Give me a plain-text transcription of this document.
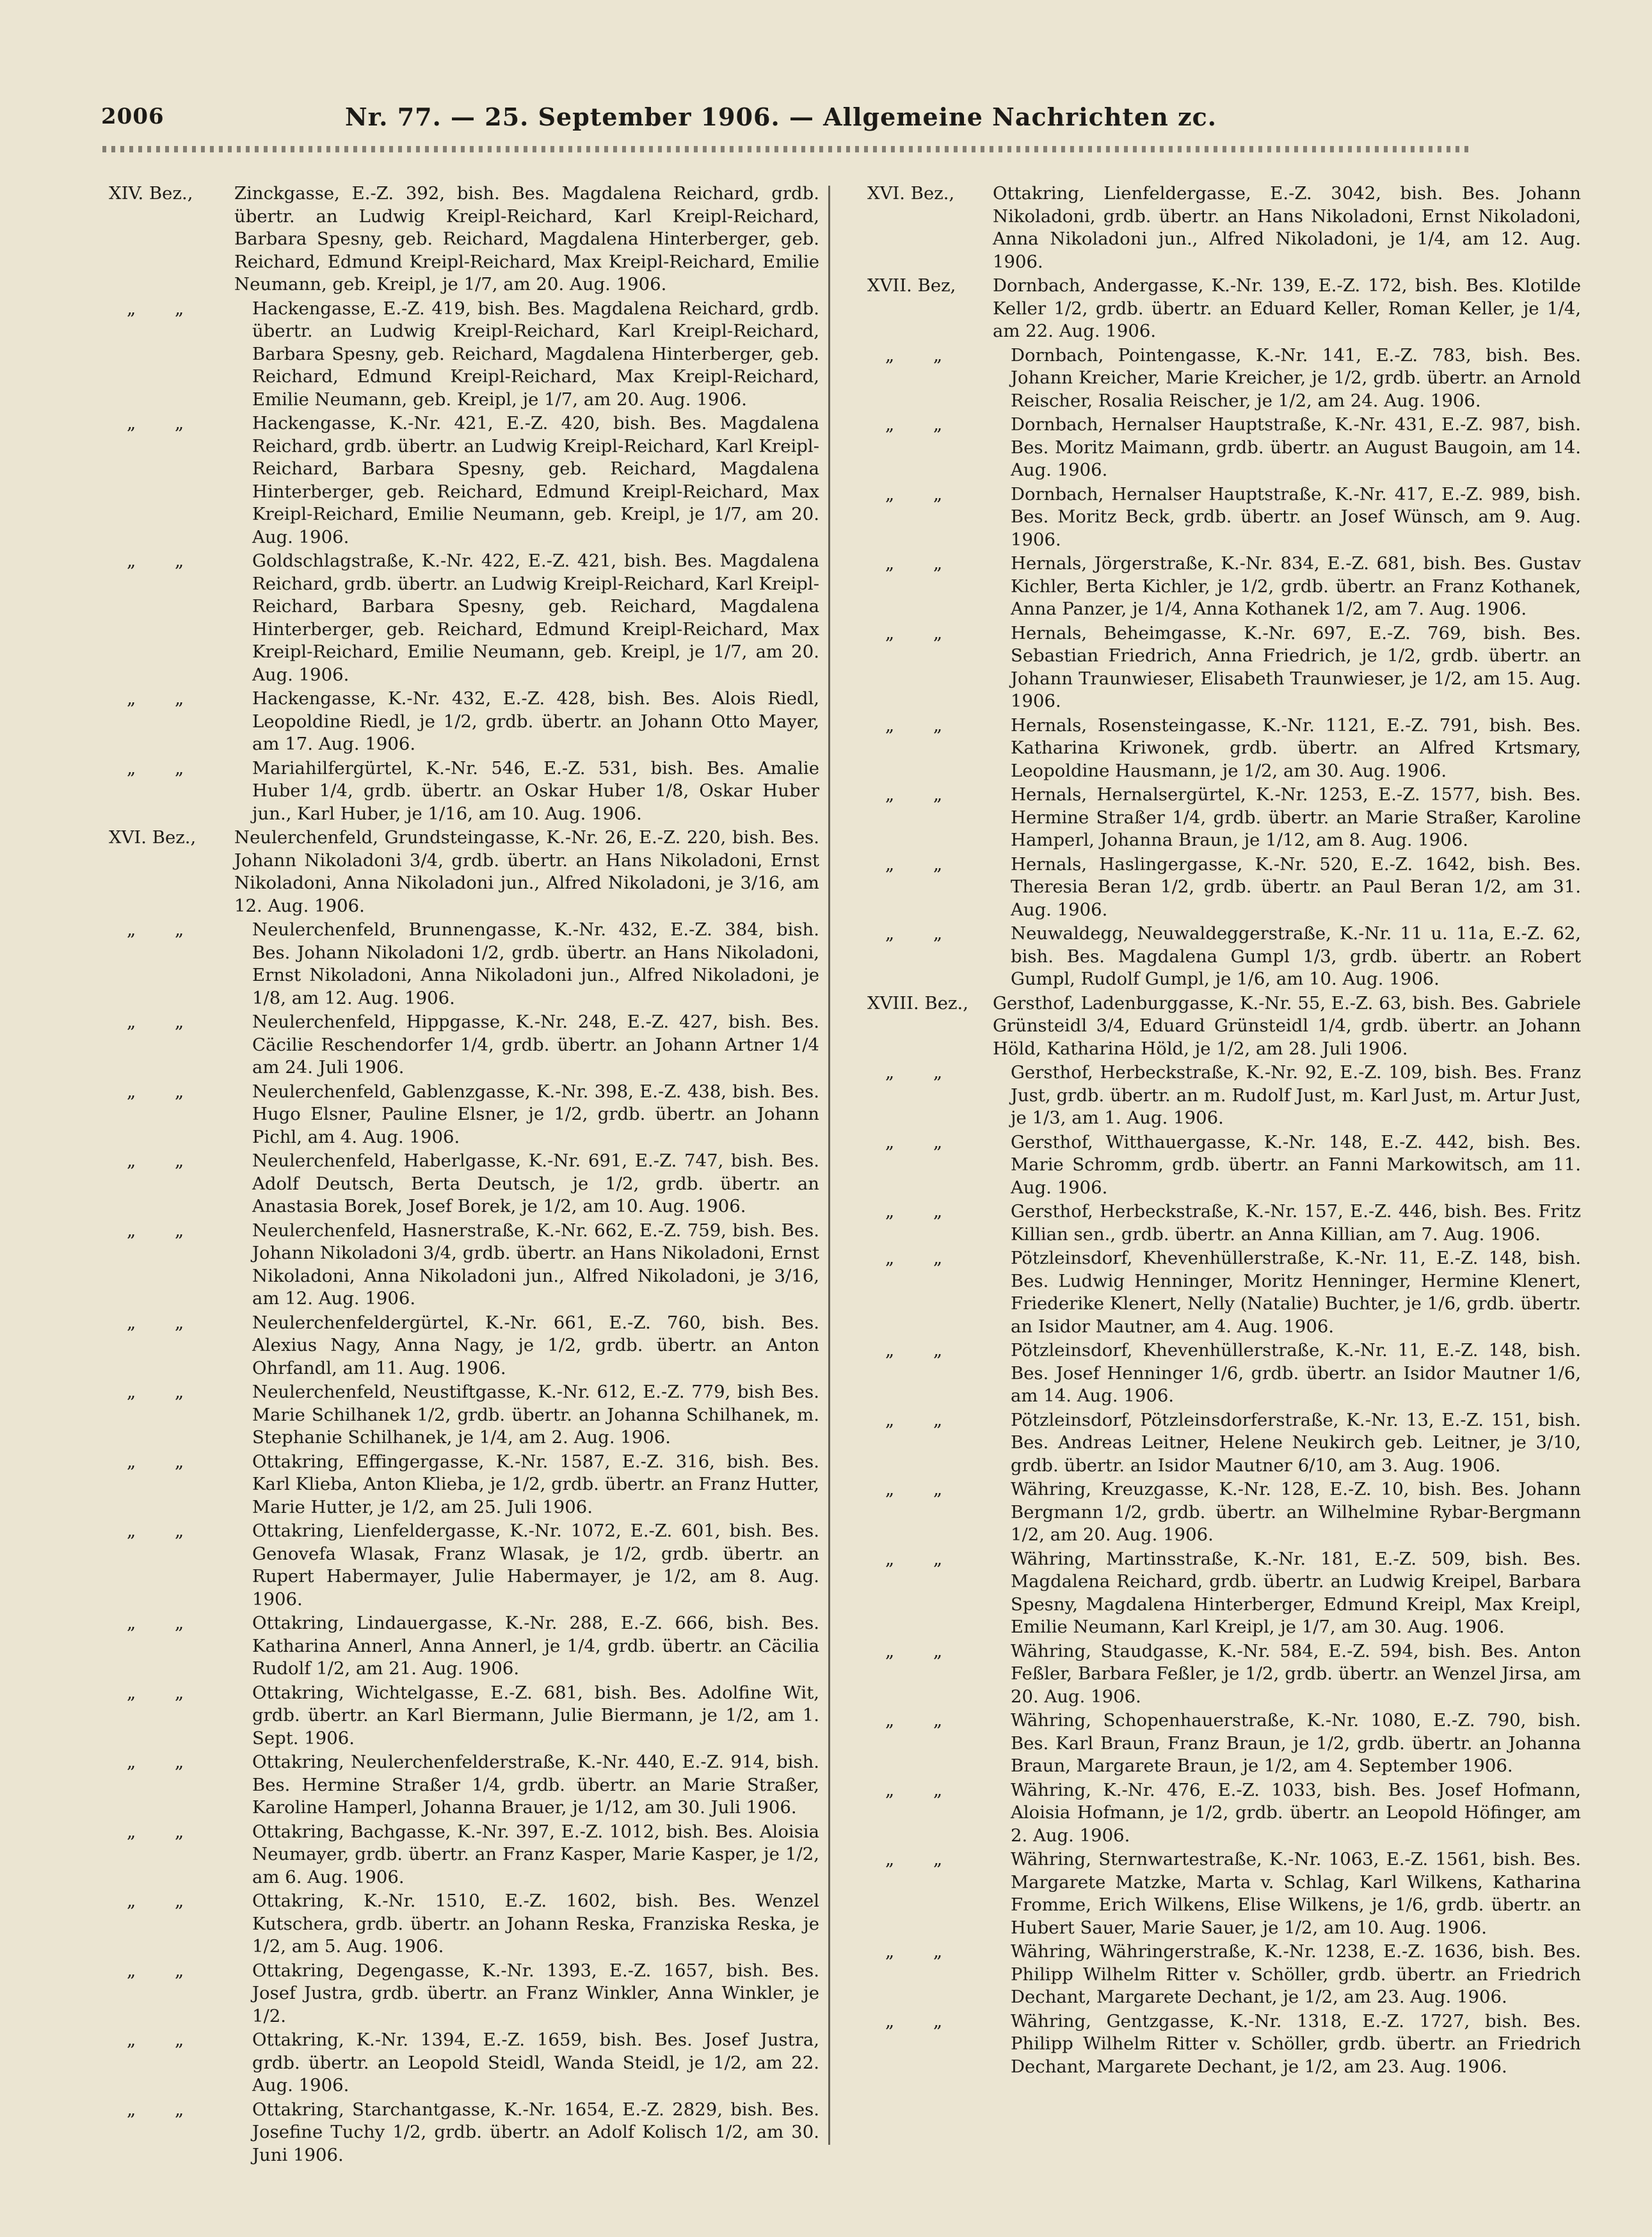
2006	Nr. 77. — 25. September 1906. — Allgemeine Nachrichten zc.
XIV. Bez.,	Zinckgasse, E.-Z. 392, bish. Bes. Magdalena Reichard, grdb. übertr. an Ludwig Kreipl-Reichard, Karl Kreipl-Reichard, Barbara Spesny, geb. Reichard, Magdalena Hinterberger, geb. Reichard, Edmund Kreipl-Reichard, Max Kreipl-Reichard, Emilie Neumann, geb. Kreipl, je 1/7, am 20. Aug. 1906.
„ „	Hackengasse, E.-Z. 419, bish. Bes. Magdalena Reichard, grdb. übertr. an Ludwig Kreipl-Reichard, Karl Kreipl-Reichard, Barbara Spesny, geb. Reichard, Magdalena Hinterberger, geb. Reichard, Edmund Kreipl-Reichard, Max Kreipl-Reichard, Emilie Neumann, geb. Kreipl, je 1/7, am 20. Aug. 1906.
„ „	Hackengasse, K.-Nr. 421, E.-Z. 420, bish. Bes. Magdalena Reichard, grdb. übertr. an Ludwig Kreipl-Reichard, Karl Kreipl-Reichard, Barbara Spesny, geb. Reichard, Magdalena Hinterberger, geb. Reichard, Edmund Kreipl-Reichard, Max Kreipl-Reichard, Emilie Neumann, geb. Kreipl, je 1/7, am 20. Aug. 1906.
„ „	Goldschlagstraße, K.-Nr. 422, E.-Z. 421, bish. Bes. Magdalena Reichard, grdb. übertr. an Ludwig Kreipl-Reichard, Karl Kreipl-Reichard, Barbara Spesny, geb. Reichard, Magdalena Hinterberger, geb. Reichard, Edmund Kreipl-Reichard, Max Kreipl-Reichard, Emilie Neumann, geb. Kreipl, je 1/7, am 20. Aug. 1906.
„ „	Hackengasse, K.-Nr. 432, E.-Z. 428, bish. Bes. Alois Riedl, Leopoldine Riedl, je 1/2, grdb. übertr. an Johann Otto Mayer, am 17. Aug. 1906.
„ „	Mariahilfergürtel, K.-Nr. 546, E.-Z. 531, bish. Bes. Amalie Huber 1/4, grdb. übertr. an Oskar Huber 1/8, Oskar Huber jun., Karl Huber, je 1/16, am 10. Aug. 1906.
XVI. Bez.,	Neulerchenfeld, Grundsteingasse, K.-Nr. 26, E.-Z. 220, bish. Bes. Johann Nikoladoni 3/4, grdb. übertr. an Hans Nikoladoni, Ernst Nikoladoni, Anna Nikoladoni jun., Alfred Nikoladoni, je 3/16, am 12. Aug. 1906.
„ „	Neulerchenfeld, Brunnengasse, K.-Nr. 432, E.-Z. 384, bish. Bes. Johann Nikoladoni 1/2, grdb. übertr. an Hans Nikoladoni, Ernst Nikoladoni, Anna Nikoladoni jun., Alfred Nikoladoni, je 1/8, am 12. Aug. 1906.
„ „	Neulerchenfeld, Hippgasse, K.-Nr. 248, E.-Z. 427, bish. Bes. Cäcilie Reschendorfer 1/4, grdb. übertr. an Johann Artner 1/4 am 24. Juli 1906.
„ „	Neulerchenfeld, Gablenzgasse, K.-Nr. 398, E.-Z. 438, bish. Bes. Hugo Elsner, Pauline Elsner, je 1/2, grdb. übertr. an Johann Pichl, am 4. Aug. 1906.
„ „	Neulerchenfeld, Haberlgasse, K.-Nr. 691, E.-Z. 747, bish. Bes. Adolf Deutsch, Berta Deutsch, je 1/2, grdb. übertr. an Anastasia Borek, Josef Borek, je 1/2, am 10. Aug. 1906.
„ „	Neulerchenfeld, Hasnerstraße, K.-Nr. 662, E.-Z. 759, bish. Bes. Johann Nikoladoni 3/4, grdb. übertr. an Hans Nikoladoni, Ernst Nikoladoni, Anna Nikoladoni jun., Alfred Nikoladoni, je 3/16, am 12. Aug. 1906.
„ „	Neulerchenfeldergürtel, K.-Nr. 661, E.-Z. 760, bish. Bes. Alexius Nagy, Anna Nagy, je 1/2, grdb. übertr. an Anton Ohrfandl, am 11. Aug. 1906.
„ „	Neulerchenfeld, Neustiftgasse, K.-Nr. 612, E.-Z. 779, bish Bes. Marie Schilhanek 1/2, grdb. übertr. an Johanna Schilhanek, m. Stephanie Schilhanek, je 1/4, am 2. Aug. 1906.
„ „	Ottakring, Effingergasse, K.-Nr. 1587, E.-Z. 316, bish. Bes. Karl Klieba, Anton Klieba, je 1/2, grdb. übertr. an Franz Hutter, Marie Hutter, je 1/2, am 25. Juli 1906.
„ „	Ottakring, Lienfeldergasse, K.-Nr. 1072, E.-Z. 601, bish. Bes. Genovefa Wlasak, Franz Wlasak, je 1/2, grdb. übertr. an Rupert Habermayer, Julie Habermayer, je 1/2, am 8. Aug. 1906.
„ „	Ottakring, Lindauergasse, K.-Nr. 288, E.-Z. 666, bish. Bes. Katharina Annerl, Anna Annerl, je 1/4, grdb. übertr. an Cäcilia Rudolf 1/2, am 21. Aug. 1906.
„ „	Ottakring, Wichtelgasse, E.-Z. 681, bish. Bes. Adolfine Wit, grdb. übertr. an Karl Biermann, Julie Biermann, je 1/2, am 1. Sept. 1906.
„ „	Ottakring, Neulerchenfelderstraße, K.-Nr. 440, E.-Z. 914, bish. Bes. Hermine Straßer 1/4, grdb. übertr. an Marie Straßer, Karoline Hamperl, Johanna Brauer, je 1/12, am 30. Juli 1906.
„ „	Ottakring, Bachgasse, K.-Nr. 397, E.-Z. 1012, bish. Bes. Aloisia Neumayer, grdb. übertr. an Franz Kasper, Marie Kasper, je 1/2, am 6. Aug. 1906.
„ „	Ottakring, K.-Nr. 1510, E.-Z. 1602, bish. Bes. Wenzel Kutschera, grdb. übertr. an Johann Reska, Franziska Reska, je 1/2, am 5. Aug. 1906.
„ „	Ottakring, Degengasse, K.-Nr. 1393, E.-Z. 1657, bish. Bes. Josef Justra, grdb. übertr. an Franz Winkler, Anna Winkler, je 1/2.
„ „	Ottakring, K.-Nr. 1394, E.-Z. 1659, bish. Bes. Josef Justra, grdb. übertr. an Leopold Steidl, Wanda Steidl, je 1/2, am 22. Aug. 1906.
„ „	Ottakring, Starchantgasse, K.-Nr. 1654, E.-Z. 2829, bish. Bes. Josefine Tuchy 1/2, grdb. übertr. an Adolf Kolisch 1/2, am 30. Juni 1906.
XVI. Bez.,	Ottakring, Lienfeldergasse, E.-Z. 3042, bish. Bes. Johann Nikoladoni, grdb. übertr. an Hans Nikoladoni, Ernst Nikoladoni, Anna Nikoladoni jun., Alfred Nikoladoni, je 1/4, am 12. Aug. 1906.
XVII. Bez,	Dornbach, Andergasse, K.-Nr. 139, E.-Z. 172, bish. Bes. Klotilde Keller 1/2, grdb. übertr. an Eduard Keller, Roman Keller, je 1/4, am 22. Aug. 1906.
„ „	Dornbach, Pointengasse, K.-Nr. 141, E.-Z. 783, bish. Bes. Johann Kreicher, Marie Kreicher, je 1/2, grdb. übertr. an Arnold Reischer, Rosalia Reischer, je 1/2, am 24. Aug. 1906.
„ „	Dornbach, Hernalser Hauptstraße, K.-Nr. 431, E.-Z. 987, bish. Bes. Moritz Maimann, grdb. übertr. an August Baugoin, am 14. Aug. 1906.
„ „	Dornbach, Hernalser Hauptstraße, K.-Nr. 417, E.-Z. 989, bish. Bes. Moritz Beck, grdb. übertr. an Josef Wünsch, am 9. Aug. 1906.
„ „	Hernals, Jörgerstraße, K.-Nr. 834, E.-Z. 681, bish. Bes. Gustav Kichler, Berta Kichler, je 1/2, grdb. übertr. an Franz Kothanek, Anna Panzer, je 1/4, Anna Kothanek 1/2, am 7. Aug. 1906.
„ „	Hernals, Beheimgasse, K.-Nr. 697, E.-Z. 769, bish. Bes. Sebastian Friedrich, Anna Friedrich, je 1/2, grdb. übertr. an Johann Traunwieser, Elisabeth Traunwieser, je 1/2, am 15. Aug. 1906.
„ „	Hernals, Rosensteingasse, K.-Nr. 1121, E.-Z. 791, bish. Bes. Katharina Kriwonek, grdb. übertr. an Alfred Krtsmary, Leopoldine Hausmann, je 1/2, am 30. Aug. 1906.
„ „	Hernals, Hernalsergürtel, K.-Nr. 1253, E.-Z. 1577, bish. Bes. Hermine Straßer 1/4, grdb. übertr. an Marie Straßer, Karoline Hamperl, Johanna Braun, je 1/12, am 8. Aug. 1906.
„ „	Hernals, Haslingergasse, K.-Nr. 520, E.-Z. 1642, bish. Bes. Theresia Beran 1/2, grdb. übertr. an Paul Beran 1/2, am 31. Aug. 1906.
„ „	Neuwaldegg, Neuwaldeggerstraße, K.-Nr. 11 u. 11a, E.-Z. 62, bish. Bes. Magdalena Gumpl 1/3, grdb. übertr. an Robert Gumpl, Rudolf Gumpl, je 1/6, am 10. Aug. 1906.
XVIII. Bez.,	Gersthof, Ladenburggasse, K.-Nr. 55, E.-Z. 63, bish. Bes. Gabriele Grünsteidl 3/4, Eduard Grünsteidl 1/4, grdb. übertr. an Johann Höld, Katharina Höld, je 1/2, am 28. Juli 1906.
„ „	Gersthof, Herbeckstraße, K.-Nr. 92, E.-Z. 109, bish. Bes. Franz Just, grdb. übertr. an m. Rudolf Just, m. Karl Just, m. Artur Just, je 1/3, am 1. Aug. 1906.
„ „	Gersthof, Witthauergasse, K.-Nr. 148, E.-Z. 442, bish. Bes. Marie Schromm, grdb. übertr. an Fanni Markowitsch, am 11. Aug. 1906.
„ „	Gersthof, Herbeckstraße, K.-Nr. 157, E.-Z. 446, bish. Bes. Fritz Killian sen., grdb. übertr. an Anna Killian, am 7. Aug. 1906.
„ „	Pötzleinsdorf, Khevenhüllerstraße, K.-Nr. 11, E.-Z. 148, bish. Bes. Ludwig Henninger, Moritz Henninger, Hermine Klenert, Friederike Klenert, Nelly (Natalie) Buchter, je 1/6, grdb. übertr. an Isidor Mautner, am 4. Aug. 1906.
„ „	Pötzleinsdorf, Khevenhüllerstraße, K.-Nr. 11, E.-Z. 148, bish. Bes. Josef Henninger 1/6, grdb. übertr. an Isidor Mautner 1/6, am 14. Aug. 1906.
„ „	Pötzleinsdorf, Pötzleinsdorferstraße, K.-Nr. 13, E.-Z. 151, bish. Bes. Andreas Leitner, Helene Neukirch geb. Leitner, je 3/10, grdb. übertr. an Isidor Mautner 6/10, am 3. Aug. 1906.
„ „	Währing, Kreuzgasse, K.-Nr. 128, E.-Z. 10, bish. Bes. Johann Bergmann 1/2, grdb. übertr. an Wilhelmine Rybar-Bergmann 1/2, am 20. Aug. 1906.
„ „	Währing, Martinsstraße, K.-Nr. 181, E.-Z. 509, bish. Bes. Magdalena Reichard, grdb. übertr. an Ludwig Kreipel, Barbara Spesny, Magdalena Hinterberger, Edmund Kreipl, Max Kreipl, Emilie Neumann, Karl Kreipl, je 1/7, am 30. Aug. 1906.
„ „	Währing, Staudgasse, K.-Nr. 584, E.-Z. 594, bish. Bes. Anton Feßler, Barbara Feßler, je 1/2, grdb. übertr. an Wenzel Jirsa, am 20. Aug. 1906.
„ „	Währing, Schopenhauerstraße, K.-Nr. 1080, E.-Z. 790, bish. Bes. Karl Braun, Franz Braun, je 1/2, grdb. übertr. an Johanna Braun, Margarete Braun, je 1/2, am 4. September 1906.
„ „	Währing, K.-Nr. 476, E.-Z. 1033, bish. Bes. Josef Hofmann, Aloisia Hofmann, je 1/2, grdb. übertr. an Leopold Höfinger, am 2. Aug. 1906.
„ „	Währing, Sternwartestraße, K.-Nr. 1063, E.-Z. 1561, bish. Bes. Margarete Matzke, Marta v. Schlag, Karl Wilkens, Katharina Fromme, Erich Wilkens, Elise Wilkens, je 1/6, grdb. übertr. an Hubert Sauer, Marie Sauer, je 1/2, am 10. Aug. 1906.
„ „	Währing, Währingerstraße, K.-Nr. 1238, E.-Z. 1636, bish. Bes. Philipp Wilhelm Ritter v. Schöller, grdb. übertr. an Friedrich Dechant, Margarete Dechant, je 1/2, am 23. Aug. 1906.
„ „	Währing, Gentzgasse, K.-Nr. 1318, E.-Z. 1727, bish. Bes. Philipp Wilhelm Ritter v. Schöller, grdb. übertr. an Friedrich Dechant, Margarete Dechant, je 1/2, am 23. Aug. 1906.
